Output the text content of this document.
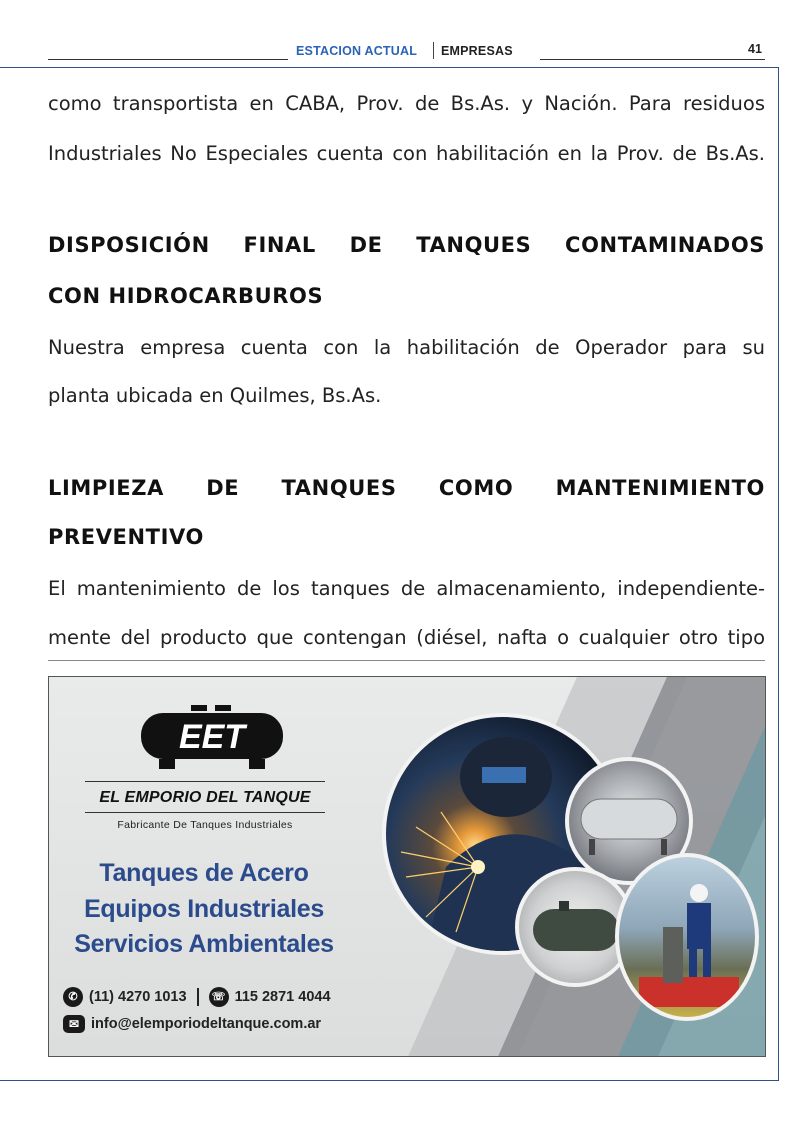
ESTACION ACTUAL EMPRESAS	41
como transportista en CABA, Prov. de Bs.As. y Nación. Para residuos
Industriales No Especiales cuenta con habilitación en la Prov. de Bs.As.
DISPOSICIÓN FINAL DE TANQUES CONTAMINADOS
CON HIDROCARBUROS
Nuestra empresa cuenta con la habilitación de Operador para su
planta ubicada en Quilmes, Bs.As.
LIMPIEZA DE TANQUES COMO MANTENIMIENTO
PREVENTIVO
El mantenimiento de los tanques de almacenamiento, independiente-
mente del producto que contengan (diésel, nafta o cualquier otro tipo
EET
EL EMPORIO DEL TANQUE
Fabricante De Tanques Industriales
Tanques de Acero
Equipos Industriales
Servicios Ambientales
✆ (11) 4270 1013 ☏ 115 2871 4044
✉ info@elemporiodeltanque.com.ar
